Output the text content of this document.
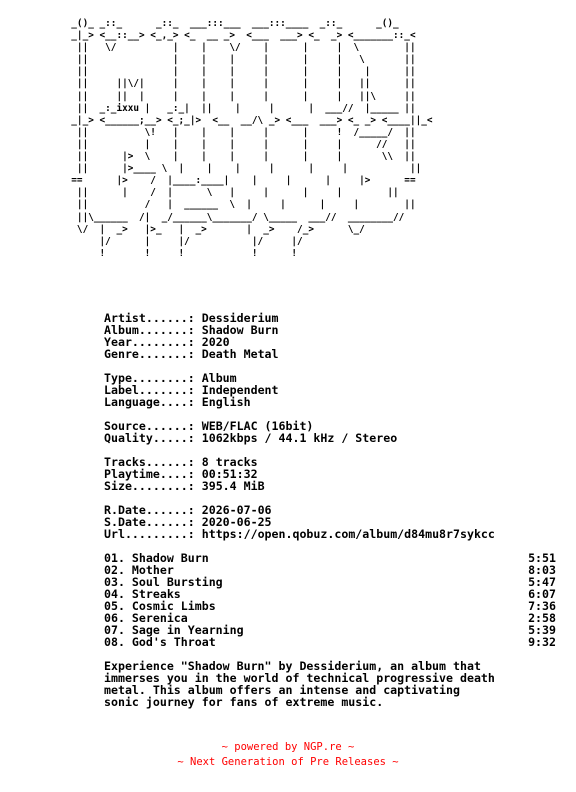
_()_ _::_      _::_  ___:::___  ___:::____  _::_      _()_
_|_> <__::__> <_,_> <_  __ _>  <___  ___> <_  _> <_______::_<
||   \/          |    |    \/    |      |     |  \        ||
||               |    |    |     |      |     |   \       ||
||               |    |    |     |      |     |    |      ||
||     ||\/|     |    |    |     |      |     |   ||      ||
||     ||  |     |    |    |     |      |     |   ||\     ||
||  _:_ixxu |   _:_|  ||    |     |      |  ___//  |_____ ||
_|_> <______;__> <_;_|>  <__  __/\ _> <___  ___> <_ _> <____||_<
||          \!   |    |    |     |      |     !  /_____/  ||
||          |    |    |    |     |      |     |      //   ||
||      |>  \    |    |    |     |      |     |       \\  ||
||      |>____ \  |    |    |     |      |     |           ||
==      |>    /  |____:____|    |     |      |     |>      ==
||      |    /  |      \   |     |      |     |        ||
||          /   |  ______  \  |     |      |     |        ||
||\______  /|  _/______\_______/ \_____  ___//  ________//
\/  |  _>   |>_   |  _>       |  _>    /_>      \_/
|/      |     |/           |/     |/
!       !     !            !      !
Artist......: Dessiderium
Album.......: Shadow Burn
Year........: 2020
Genre.......: Death Metal
Type........: Album
Label.......: Independent
Language....: English
Source......: WEB/FLAC (16bit)
Quality.....: 1062kbps / 44.1 kHz / Stereo
Tracks......: 8 tracks
Playtime....: 00:51:32
Size........: 395.4 MiB
R.Date......: 2026-07-06
S.Date......: 2020-06-25
Url.........: https://open.qobuz.com/album/d84mu8r7sykcc
01. Shadow Burn	5:51
02. Mother	8:03
03. Soul Bursting	5:47
04. Streaks	6:07
05. Cosmic Limbs	7:36
06. Serenica	2:58
07. Sage in Yearning	5:39
08. God's Throat	9:32
Experience "Shadow Burn" by Dessiderium, an album that
immerses you in the world of technical progressive death
metal. This album offers an intense and captivating
sonic journey for fans of extreme music.
~ powered by NGP.re ~
~ Next Generation of Pre Releases ~
